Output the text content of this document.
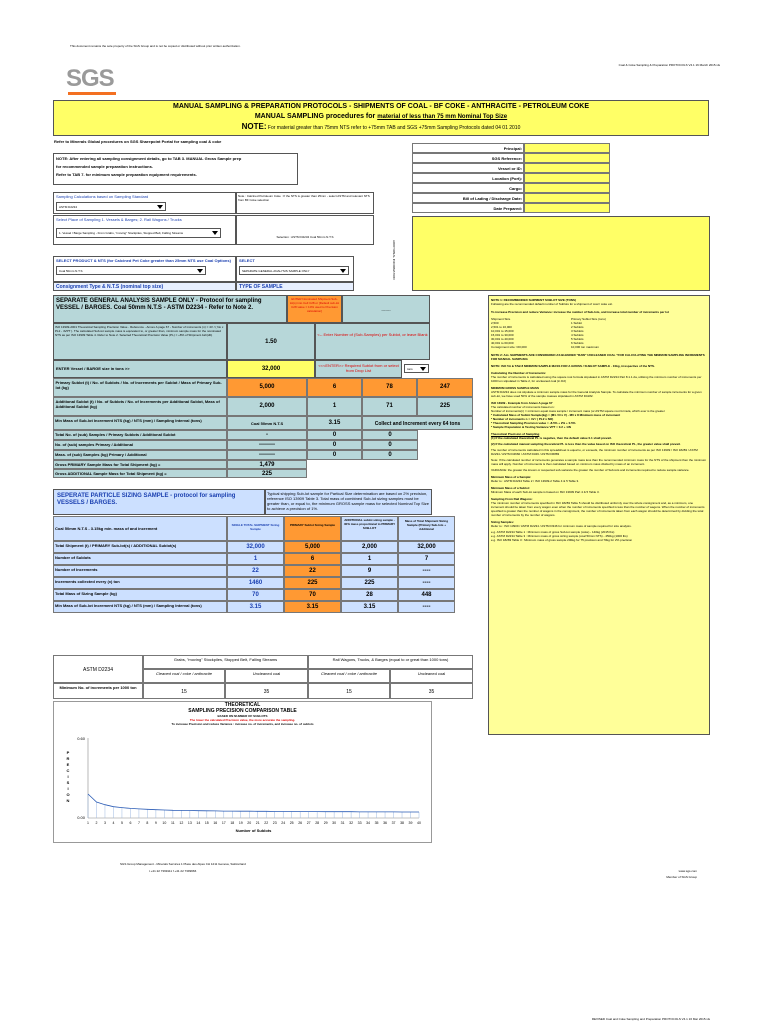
This document remains the sole property of the SGS Group and is not be copied or distributed without prior written authorization.
Coal & Coke Sampling & Preparation PROTOCOLS V4.1 16 March 2015.xls
SGS
MANUAL SAMPLING & PREPARATION PROTOCOLS - SHIPMENTS OF COAL - BF COKE - ANTHRACITE - PETROLEUM COKE
MANUAL SAMPLING procedures for material of less than 75 mm Nominal Top Size
NOTE: For material greater than 75mm NTS refer to +75mm TAB and SGS +75mm Sampling Protocols dated 04 01 2010
Refer to Minerals Global procedures on SGS Sharepoint Portal for sampling coal & coke
NOTE: After entering all sampling consignment details, go to TAB 3. MANUAL Gross Sample prep
for recommended sample preparation instructions.
Refer to TAB 7. for minimum sample preparation equipment requirements.
Sampling Calculations based on Sampling Standard
ASTM D2234
Note : Calcined Petroleum Coke : If the NTS is greater than 25mm - select ASTM and relevant NTS from BF Coke selection
Select Place of Sampling 1. Vessels & Barges; 2. Rail Wagons / Trucks
1. Vessel / Barge Sampling - From Grabs, "moving" Stockpiles, Stopped Belt, Falling Streams
Selection : ASTM D2234 Coal 50mm N.T.S
SELECT PRODUCT & NTS (for Calcined Pet Coke greater than 25mm NTS use Coal Options)
Coal 50mm N.T.S
SELECT
SEPARATE GENERAL ANALYSIS SAMPLE ONLY
Consignment Type & N.T.S (nominal top size)	TYPE OF SAMPLE
ADDITIONAL INFORMATION
Principal:
SGS Reference:
Vessel or ID:
Location (Port):
Cargo:
Bill of Lading / Discharge Date:
Date Prepared:
SEPARATE GENERAL ANALYSIS SAMPLE ONLY - Protocol for sampling VESSEL / BARGES. Coal 50mm N.T.S - ASTM D2234 - Refer to Note 2.
ENTER Nominated Shipment Sub-lot(s) into Cell C28 or [Default sub-lot C28 value = 10% used to Precision calculation]	-------
ISO 13909-2001 Theoretical Sampling Precision Value - Reference - Annex A page 67 - Number of increments (n) = 4V / ( No x PL2 - 4VPT ). The calculated Sub-lot sample mass is equivalent to, or greater than, minimum sample mass for the nominated NTS as per ISO 13909 Table 4. Refer to Note 2. Selected Theoretical Precision Value (PL) = +8% of Shipment Ash(db)
1.50
<-- Enter Number of (Sub-Samples) per Sublot, or leave Blank
ENTER Vessel / BARGE size in tons >>	32,000
<<<ENTER>> Required Sublot from or select from Drop List	tons
Primary Sublot (t) / No. of Sublots / No. of Increments per Sublot / Mass of Primary Sub-lot (kg)	5,000	6	78	247
Additional Sublot (t) / No. of Sublots / No. of Increments per Additional Sublot, Mass of Additional Sublot (kg)	2,000	1	71	225
Min Mass of Sub-lot Increment NTS (kg) / NTS (mm) / Sampling Interval (tons)
Coal 50mm N.T.S	3.15	Collect and Increment every 64 tons
Total No. of (sub) Samples / Primary Sublots / Additional Sublot	-	0	0
No. of (sub) samples Primary / Additional	--------	0	0
Mass. of (sub) Samples (kg) Primary / Additional	--------	0	0
Gross PRIMARY Sample Mass for Total Shipment (kg) =	1,479
Gross ADDITIONAL Sample Mass for Total Shipment (kg) =	225
SEPERATE PARTICLE SIZING SAMPLE - protocol for sampling VESSELS / BARGES.
Typical shipping Sub-lot sample for Partical Size determination are based on 2% precision, reference ISO 13909 Table 3. Total mass of combined Sub-lot sizing samples must be greater than, or equal to, the minimum GROSS sample mass for selected Nominal Top Size to achieve a precision of 1%.
Coal 50mm N.T.S - 3.15kg min. mass of and increment
SINGLE TOTAL SHIPMENT Sizing Sample
PRIMARY Sublot Sizing Sample
ADDITIONAL sublot sizing sample - 40% mass proportional to PRIMARY SUB-LOT
Mass of Total Shipment Sizing Sample (Primary Sub-lots + Additional
Total Shipment (t) / PRIMARY Sub-lot(s) / ADDITIONAL Sublot(s)	32,000	5,000	2,000	32,000
Number of Sublots	1	6	1	7
Number of Increments	22	22	9	----
Increments collected every (x) ton	1460	225	225	----
Total Mass of Sizing Sample (kg)	70	70	28	448
Min Mass of Sub-lot Increment NTS (kg) / NTS (mm) / Sampling Interval (tons)	3.15	3.15	3.15	----
ASTM D2234
Grabs, "moving" Stockpiles, Stopped Belt, Falling Streams
Cleaned coal / coke / anthracite	Uncleaned coal
Rail Wagons, Trucks, & Barges (equal to or great than 1000 tons)
Cleaned coal / coke / anthracite	Uncleaned coal
Minimum No. of increments per 1000 ton
15	35	15	35
THEORETICAL
SAMPLING PRECISION COMPARISON TABLE
BASED ON NUMBER OF SUBLOTS
The lower the calculated Precision value, the more accurate the sampling.
To increase Precision and reduce Variance : increase no. of increments, and increase no. of sublots
0.60
0.00
P
R
E
C
I
S
I
O
N
1 2 3 4 5 6 7 8 9 10 11 12 13 14 15 16 17 18 19 20 21 22 23 24 25 26 27 28 29 30 31 32 33 34 35 36 37 38 39 40
Number of Sublots
NOTE 1: RECOMMENDED SHIPMENT SUBLOT SIZE (TONS)
Following are the recommended default number of Sublots for a shipment of coal / coke etc.
To increase Precision and reduce Variance: increase the number of Sub-lots, and increase total number of increments per lot
Shipment Size	Primary Sublot Size (tons)
2,500	1 Sublot
2,501 to 10,000	2 Sublots
10,001 to 15,000	3 Sublots
15,001 to 30,000	4 Sublots
30,001 to 40,000	5 Sublots
40,001 to 60,000	6 Sublots
Consignment size >60,000	10,000 ton maximum
NOTE 2: ALL SHIPMENTS ARE CONSIDERED AS BLENDED "RAW" UNCLEANED COAL "FOR CALCULATING THE MINIMUM SAMPLING INCREMENTS FOR MANUAL SAMPLING
NOTE: ISO 5A & TAB 8 MINIMUM SAMPLE MASS FOR A GROSS / SUBLOT SAMPLE - 10kg, irrespective of the NTS.
Calculating the Number of Increments:
The number of increments is calculated using the square root formula stipulated in ASTM D2234 Part 8.1.1.2a, utilising the minimum number of increments per 1000 ton stipulated in Table 2, for uncleaned coal (in D2)
MINIMUM GROSS SAMPLE MASS
ASTM D2234 does not stipulate a minimum sample mass for the General Analysis Sample. To calculate the minimum number of sample increments for a given sub-lot, we have used 50% of the sample masses stipulated in ASTM D4182.
ISO 13909 - Example from Annex A page 67
The calculated number of increments based on :
Number of increments(n) = minimum equal mass sample / increment mass (or ASTM square root formula, which ever is the greater
* Calculated Mass of Sublot Sample(kg) = (M1 / N x V) - M0 x 8 Minimum mass of increment
* Number of increments n = 4V / ( PL2 x NO)
* Theoretical Sampling Precision value = -8.5% + 2% + 0.5%
* Sample Preparation & Testing Variance VPT = 0.2 + 1/N
Theoretical Precision of Sampling
(1) If the calculated theoretical PL is negative, then the default value 0.1 shall prevail.
(2) If the calculated manual sampling theoretical PL is less than the value based on ISO theoretical PL, the greater value shall prevail.
The number of increments calculated in this spreadsheet is equal to, or exceeds, the minimum number of increments as per ISO 13909 / ISO 18283 / ASTM D2234 / ASTM D4660 / ASTM D346 / ASTM D6883
Note: If the calculated number of increments generates a sample mass less than the recommended minimum mass for the NTS of the shipment then the minimum mass will apply. Number of increments is then calculated based on minimum mass divided by mass of an increment.
VARIANCE: the greater the known or suspected sub-variance the greater the number of Sub-lots and increments required to reduce sample variance.
Minimum Mass of a Sample:
Refer to : ASTM D2234 Table 2 / ISO 13909-2 Table 4 & 5 Table 3.
Minimum Mass of a Sublot:
Minimum Mass of each Sub-lot sample is based on ISO 13909 Part 4 & 5 Table 3.
Sampling From Rail Wagons:
The minimum number of increments specified in ISO 18283 Table 5 should be distributed uniformly over the whole consignment and, as a minimum, one increment should be taken from every wagon even when the number of increments specified is less than the number of wagons. When the number of increments specified is greater than the number of wagons in the consignment, the number of increments taken from each wagon should be determined by dividing the total number of increments by the number of wagons.
Sizing Samples:
Refer to : ISO 13909 / ASTM D2234 / ASTM D346 for minimum mass of sample required for size analysis.
e.g. ASTM D2234 Table 1 : Minimum mass of gross Sub-lot sample (coke) - 140kg (2015 lbs)
e.g. ASTM D2234 Table 3 : Minimum mass of gross sizing sample (coal 50mm NTS) - 450kg (1000 lbs)
e.g. ISO 18283 Table 3 : Minimum mass of gross sample 200kg for 75 precision and 70kg for 2% precision
SGS Group Management - Minerals Services 1 Place des Alpes CH 1211 Geneva, Switzerland
t +41 22 7399111 f +41 22 7399666	www.sgs.com
Member of SGS Group
REVISED Coal and Coke Sampling and Preparation PROTOCOLS V4.1 16 Mar 2015.xls
